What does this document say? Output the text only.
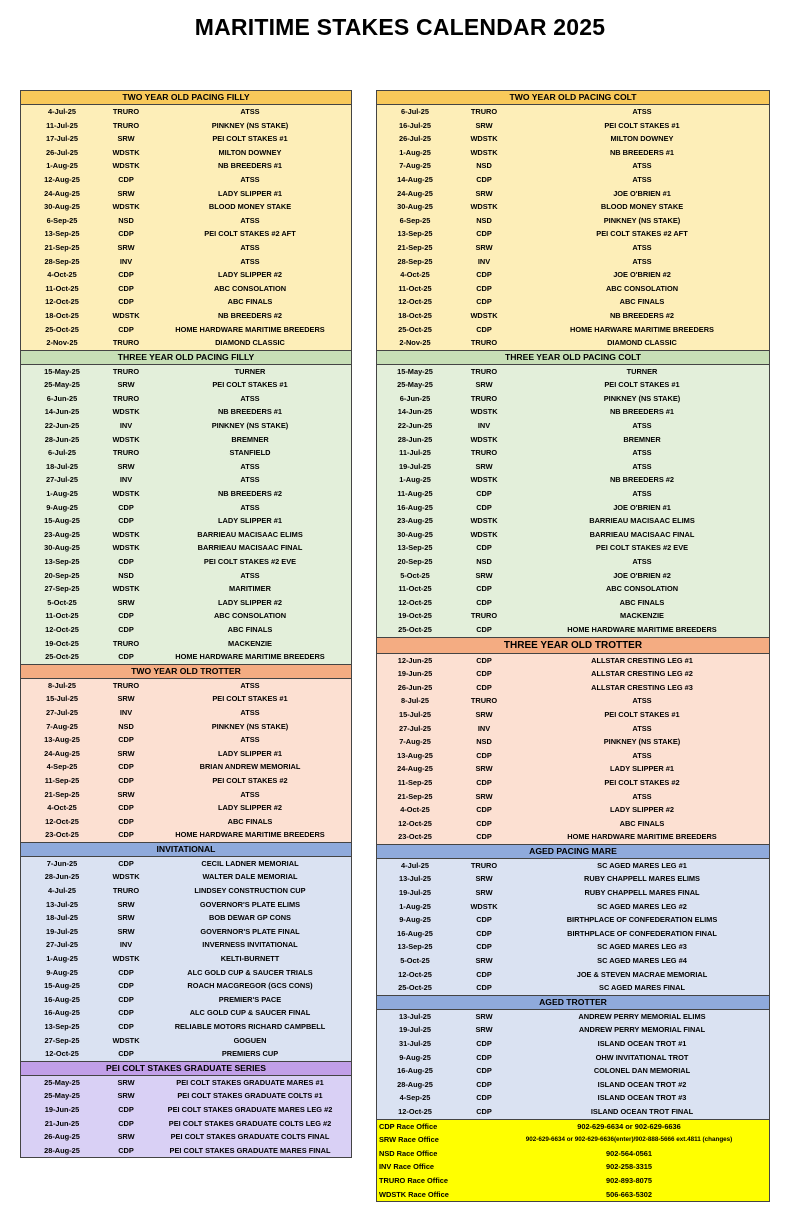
MARITIME STAKES CALENDAR 2025
TWO YEAR OLD PACING FILLY
4-Jul-25	TRURO	ATSS
11-Jul-25	TRURO	PINKNEY (NS STAKE)
17-Jul-25	SRW	PEI COLT STAKES #1
26-Jul-25	WDSTK	MILTON DOWNEY
1-Aug-25	WDSTK	NB BREEDERS #1
12-Aug-25	CDP	ATSS
24-Aug-25	SRW	LADY SLIPPER #1
30-Aug-25	WDSTK	BLOOD MONEY STAKE
6-Sep-25	NSD	ATSS
13-Sep-25	CDP	PEI COLT STAKES #2 AFT
21-Sep-25	SRW	ATSS
28-Sep-25	INV	ATSS
4-Oct-25	CDP	LADY SLIPPER #2
11-Oct-25	CDP	ABC CONSOLATION
12-Oct-25	CDP	ABC FINALS
18-Oct-25	WDSTK	NB BREEDERS #2
25-Oct-25	CDP	HOME HARDWARE MARITIME BREEDERS
2-Nov-25	TRURO	DIAMOND CLASSIC
THREE YEAR OLD PACING FILLY
15-May-25	TRURO	TURNER
25-May-25	SRW	PEI COLT STAKES #1
6-Jun-25	TRURO	ATSS
14-Jun-25	WDSTK	NB BREEDERS #1
22-Jun-25	INV	PINKNEY (NS STAKE)
28-Jun-25	WDSTK	BREMNER
6-Jul-25	TRURO	STANFIELD
18-Jul-25	SRW	ATSS
27-Jul-25	INV	ATSS
1-Aug-25	WDSTK	NB BREEDERS #2
9-Aug-25	CDP	ATSS
15-Aug-25	CDP	LADY SLIPPER #1
23-Aug-25	WDSTK	BARRIEAU MACISAAC ELIMS
30-Aug-25	WDSTK	BARRIEAU MACISAAC FINAL
13-Sep-25	CDP	PEI COLT STAKES #2 EVE
20-Sep-25	NSD	ATSS
27-Sep-25	WDSTK	MARITIMER
5-Oct-25	SRW	LADY SLIPPER #2
11-Oct-25	CDP	ABC CONSOLATION
12-Oct-25	CDP	ABC FINALS
19-Oct-25	TRURO	MACKENZIE
25-Oct-25	CDP	HOME HARDWARE MARITIME BREEDERS
TWO YEAR OLD TROTTER
8-Jul-25	TRURO	ATSS
15-Jul-25	SRW	PEI COLT STAKES #1
27-Jul-25	INV	ATSS
7-Aug-25	NSD	PINKNEY (NS STAKE)
13-Aug-25	CDP	ATSS
24-Aug-25	SRW	LADY SLIPPER #1
4-Sep-25	CDP	BRIAN ANDREW MEMORIAL
11-Sep-25	CDP	PEI COLT STAKES #2
21-Sep-25	SRW	ATSS
4-Oct-25	CDP	LADY SLIPPER #2
12-Oct-25	CDP	ABC FINALS
23-Oct-25	CDP	HOME HARDWARE MARITIME BREEDERS
INVITATIONAL
7-Jun-25	CDP	CECIL LADNER MEMORIAL
28-Jun-25	WDSTK	WALTER DALE MEMORIAL
4-Jul-25	TRURO	LINDSEY CONSTRUCTION CUP
13-Jul-25	SRW	GOVERNOR'S PLATE ELIMS
18-Jul-25	SRW	BOB DEWAR GP CONS
19-Jul-25	SRW	GOVERNOR'S PLATE FINAL
27-Jul-25	INV	INVERNESS INVITATIONAL
1-Aug-25	WDSTK	KELTI-BURNETT
9-Aug-25	CDP	ALC GOLD CUP & SAUCER TRIALS
15-Aug-25	CDP	ROACH MACGREGOR (GCS CONS)
16-Aug-25	CDP	PREMIER'S PACE
16-Aug-25	CDP	ALC GOLD CUP & SAUCER FINAL
13-Sep-25	CDP	RELIABLE MOTORS RICHARD CAMPBELL
27-Sep-25	WDSTK	GOGUEN
12-Oct-25	CDP	PREMIERS CUP
PEI COLT STAKES GRADUATE SERIES
25-May-25	SRW	PEI COLT STAKES GRADUATE MARES #1
25-May-25	SRW	PEI COLT STAKES GRADUATE COLTS #1
19-Jun-25	CDP	PEI COLT STAKES GRADUATE MARES LEG #2
21-Jun-25	CDP	PEI COLT STAKES GRADUATE COLTS LEG #2
26-Aug-25	SRW	PEI COLT STAKES GRADUATE COLTS FINAL
28-Aug-25	CDP	PEI COLT STAKES GRADUATE MARES FINAL
TWO YEAR OLD PACING COLT
6-Jul-25	TRURO	ATSS
16-Jul-25	SRW	PEI COLT STAKES #1
26-Jul-25	WDSTK	MILTON DOWNEY
1-Aug-25	WDSTK	NB BREEDERS #1
7-Aug-25	NSD	ATSS
14-Aug-25	CDP	ATSS
24-Aug-25	SRW	JOE O'BRIEN #1
30-Aug-25	WDSTK	BLOOD MONEY STAKE
6-Sep-25	NSD	PINKNEY (NS STAKE)
13-Sep-25	CDP	PEI COLT STAKES #2 AFT
21-Sep-25	SRW	ATSS
28-Sep-25	INV	ATSS
4-Oct-25	CDP	JOE O'BRIEN #2
11-Oct-25	CDP	ABC CONSOLATION
12-Oct-25	CDP	ABC FINALS
18-Oct-25	WDSTK	NB BREEDERS #2
25-Oct-25	CDP	HOME HARWARE MARITIME BREEDERS
2-Nov-25	TRURO	DIAMOND CLASSIC
THREE YEAR OLD PACING COLT
15-May-25	TRURO	TURNER
25-May-25	SRW	PEI COLT STAKES #1
6-Jun-25	TRURO	PINKNEY (NS STAKE)
14-Jun-25	WDSTK	NB BREEDERS #1
22-Jun-25	INV	ATSS
28-Jun-25	WDSTK	BREMNER
11-Jul-25	TRURO	ATSS
19-Jul-25	SRW	ATSS
1-Aug-25	WDSTK	NB BREEDERS #2
11-Aug-25	CDP	ATSS
16-Aug-25	CDP	JOE O'BRIEN #1
23-Aug-25	WDSTK	BARRIEAU MACISAAC ELIMS
30-Aug-25	WDSTK	BARRIEAU MACISAAC FINAL
13-Sep-25	CDP	PEI COLT STAKES #2 EVE
20-Sep-25	NSD	ATSS
5-Oct-25	SRW	JOE O'BRIEN #2
11-Oct-25	CDP	ABC CONSOLATION
12-Oct-25	CDP	ABC FINALS
19-Oct-25	TRURO	MACKENZIE
25-Oct-25	CDP	HOME HARDWARE MARITIME BREEDERS
THREE YEAR OLD TROTTER
12-Jun-25	CDP	ALLSTAR CRESTING LEG #1
19-Jun-25	CDP	ALLSTAR CRESTING LEG #2
26-Jun-25	CDP	ALLSTAR CRESTING LEG #3
8-Jul-25	TRURO	ATSS
15-Jul-25	SRW	PEI COLT STAKES #1
27-Jul-25	INV	ATSS
7-Aug-25	NSD	PINKNEY (NS STAKE)
13-Aug-25	CDP	ATSS
24-Aug-25	SRW	LADY SLIPPER #1
11-Sep-25	CDP	PEI COLT STAKES #2
21-Sep-25	SRW	ATSS
4-Oct-25	CDP	LADY SLIPPER #2
12-Oct-25	CDP	ABC FINALS
23-Oct-25	CDP	HOME HARDWARE MARITIME BREEDERS
AGED PACING MARE
4-Jul-25	TRURO	SC AGED MARES LEG #1
13-Jul-25	SRW	RUBY CHAPPELL MARES ELIMS
19-Jul-25	SRW	RUBY CHAPPELL MARES FINAL
1-Aug-25	WDSTK	SC AGED MARES LEG #2
9-Aug-25	CDP	BIRTHPLACE OF CONFEDERATION ELIMS
16-Aug-25	CDP	BIRTHPLACE OF CONFEDERATION FINAL
13-Sep-25	CDP	SC AGED MARES LEG #3
5-Oct-25	SRW	SC AGED MARES LEG #4
12-Oct-25	CDP	JOE & STEVEN MACRAE MEMORIAL
25-Oct-25	CDP	SC AGED MARES FINAL
AGED TROTTER
13-Jul-25	SRW	ANDREW PERRY MEMORIAL ELIMS
19-Jul-25	SRW	ANDREW PERRY MEMORIAL FINAL
31-Jul-25	CDP	ISLAND OCEAN TROT #1
9-Aug-25	CDP	OHW INVITATIONAL TROT
16-Aug-25	CDP	COLONEL DAN MEMORIAL
28-Aug-25	CDP	ISLAND OCEAN TROT #2
4-Sep-25	CDP	ISLAND OCEAN TROT #3
12-Oct-25	CDP	ISLAND OCEAN TROT FINAL
CDP Race Office	902-629-6634 or 902-629-6636
SRW Race Office	902-629-6634 or 902-629-6636(enter)/902-888-5666 ext.4811 (changes)
NSD Race Office	902-564-0561
INV Race Office	902-258-3315
TRURO Race Office	902-893-8075
WDSTK Race Office	506-663-5302
